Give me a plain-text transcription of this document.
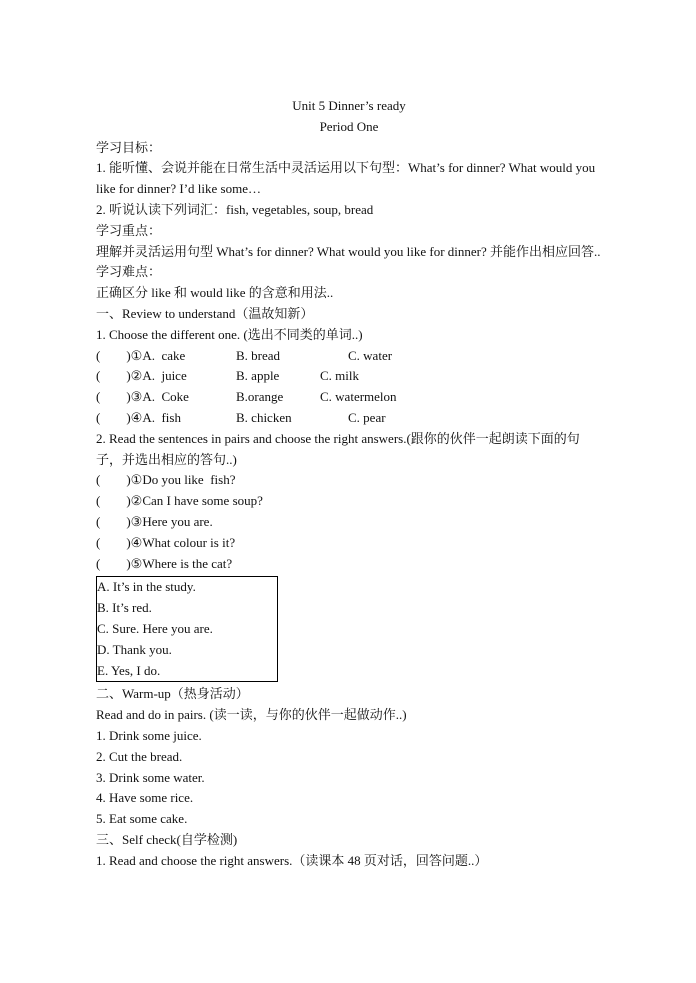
Unit 5 Dinner’s ready
Period One
学习目标：
1. 能听懂、会说并能在日常生活中灵活运用以下句型：What’s for dinner? What would you like for dinner? I’d like some…
2. 听说认读下列词汇：fish, vegetables, soup, bread
学习重点：
理解并灵活运用句型 What’s for dinner? What would you like for dinner? 并能作出相应回答..
学习难点：
正确区分 like 和 would like 的含意和用法..
一、Review to understand（温故知新）
1. Choose the different one. (选出不同类的单词..)
(        )①A.  cake	B. bread	C. water
(        )②A.  juice	B. apple	C. milk
(        )③A.  Coke	B.orange	C. watermelon
(        )④A.  fish	B. chicken	C. pear
2. Read the sentences in pairs and choose the right answers.(跟你的伙伴一起朗读下面的句子，并选出相应的答句..)
(        )①Do you like  fish?
(        )②Can I have some soup?
(        )③Here you are.
(        )④What colour is it?
(        )⑤Where is the cat?
A. It’s in the study.
B. It’s red.
C. Sure. Here you are.
D. Thank you.
E. Yes, I do.
二、Warm-up（热身活动）
Read and do in pairs. (读一读，与你的伙伴一起做动作..)
1. Drink some juice.
2. Cut the bread.
3. Drink some water.
4. Have some rice.
5. Eat some cake.
三、Self check(自学检测)
1. Read and choose the right answers.（读课本 48 页对话，回答问题..）
